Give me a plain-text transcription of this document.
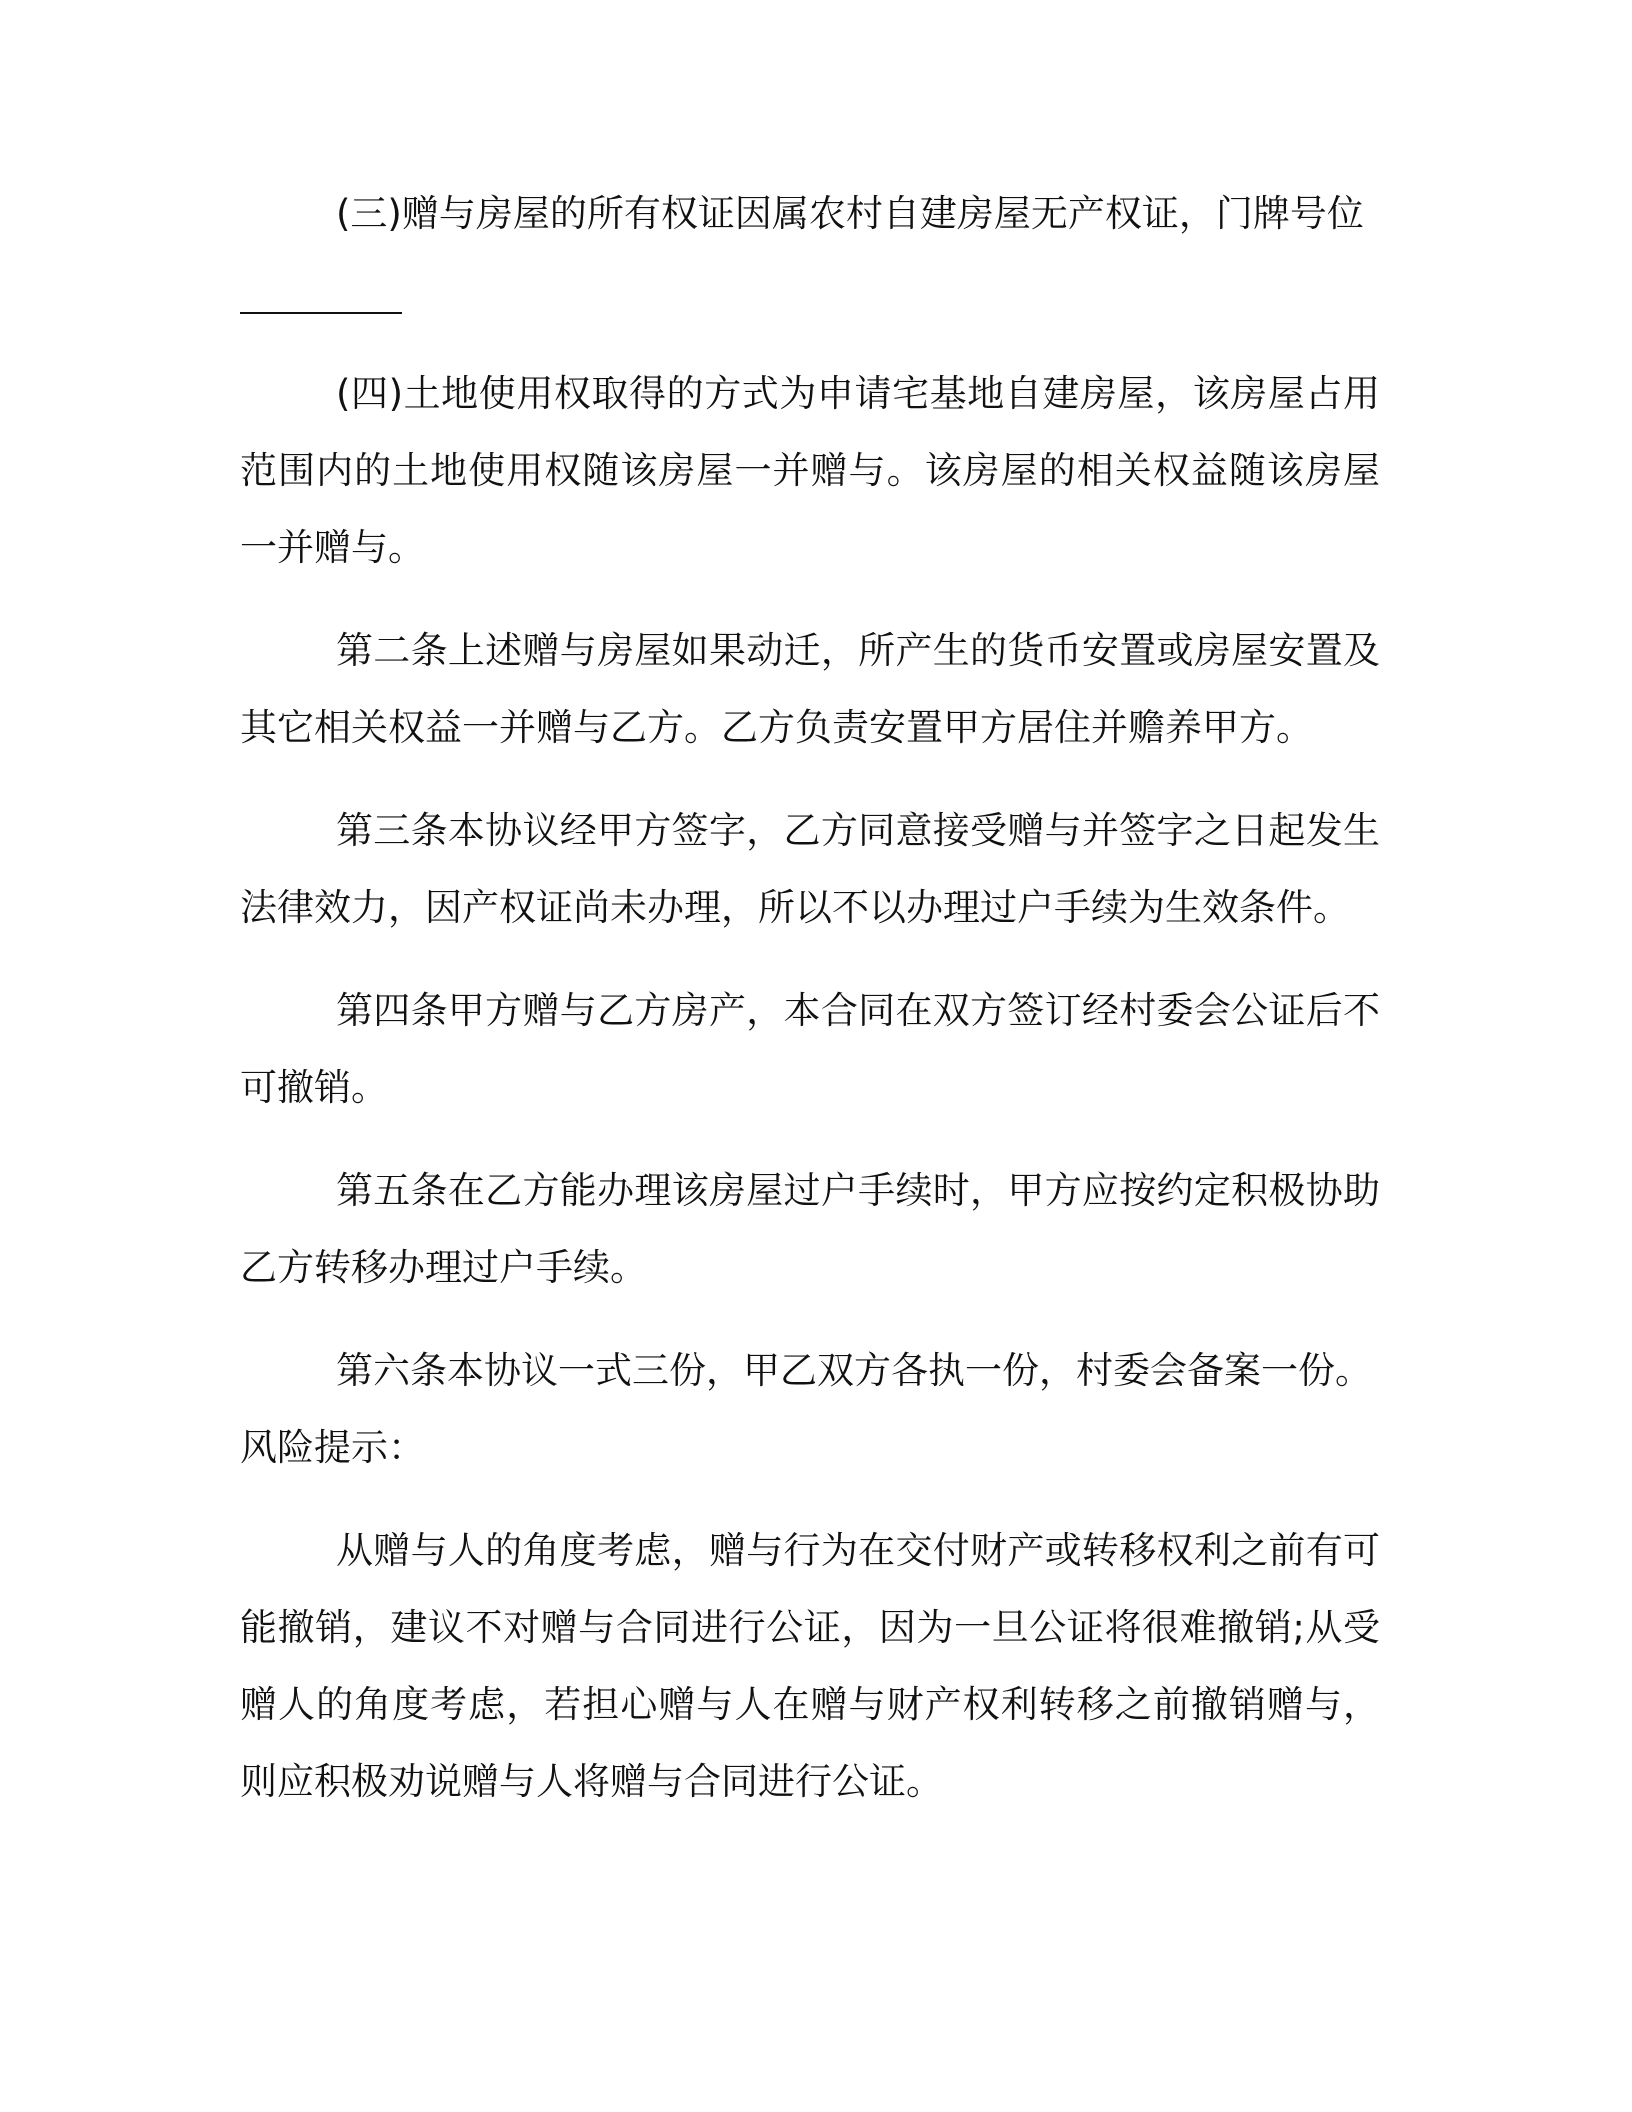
(三)赠与房屋的所有权证因属农村自建房屋无产权证，门牌号位

(四)土地使用权取得的方式为申请宅基地自建房屋，该房屋占用范围内的土地使用权随该房屋一并赠与。该房屋的相关权益随该房屋一并赠与。

第二条上述赠与房屋如果动迁，所产生的货币安置或房屋安置及其它相关权益一并赠与乙方。乙方负责安置甲方居住并赡养甲方。

第三条本协议经甲方签字，乙方同意接受赠与并签字之日起发生法律效力，因产权证尚未办理，所以不以办理过户手续为生效条件。

第四条甲方赠与乙方房产，本合同在双方签订经村委会公证后不可撤销。

第五条在乙方能办理该房屋过户手续时，甲方应按约定积极协助乙方转移办理过户手续。

第六条本协议一式三份，甲乙双方各执一份，村委会备案一份。

风险提示：

从赠与人的角度考虑，赠与行为在交付财产或转移权利之前有可能撤销，建议不对赠与合同进行公证，因为一旦公证将很难撤销;从受赠人的角度考虑，若担心赠与人在赠与财产权利转移之前撤销赠与，则应积极劝说赠与人将赠与合同进行公证。
